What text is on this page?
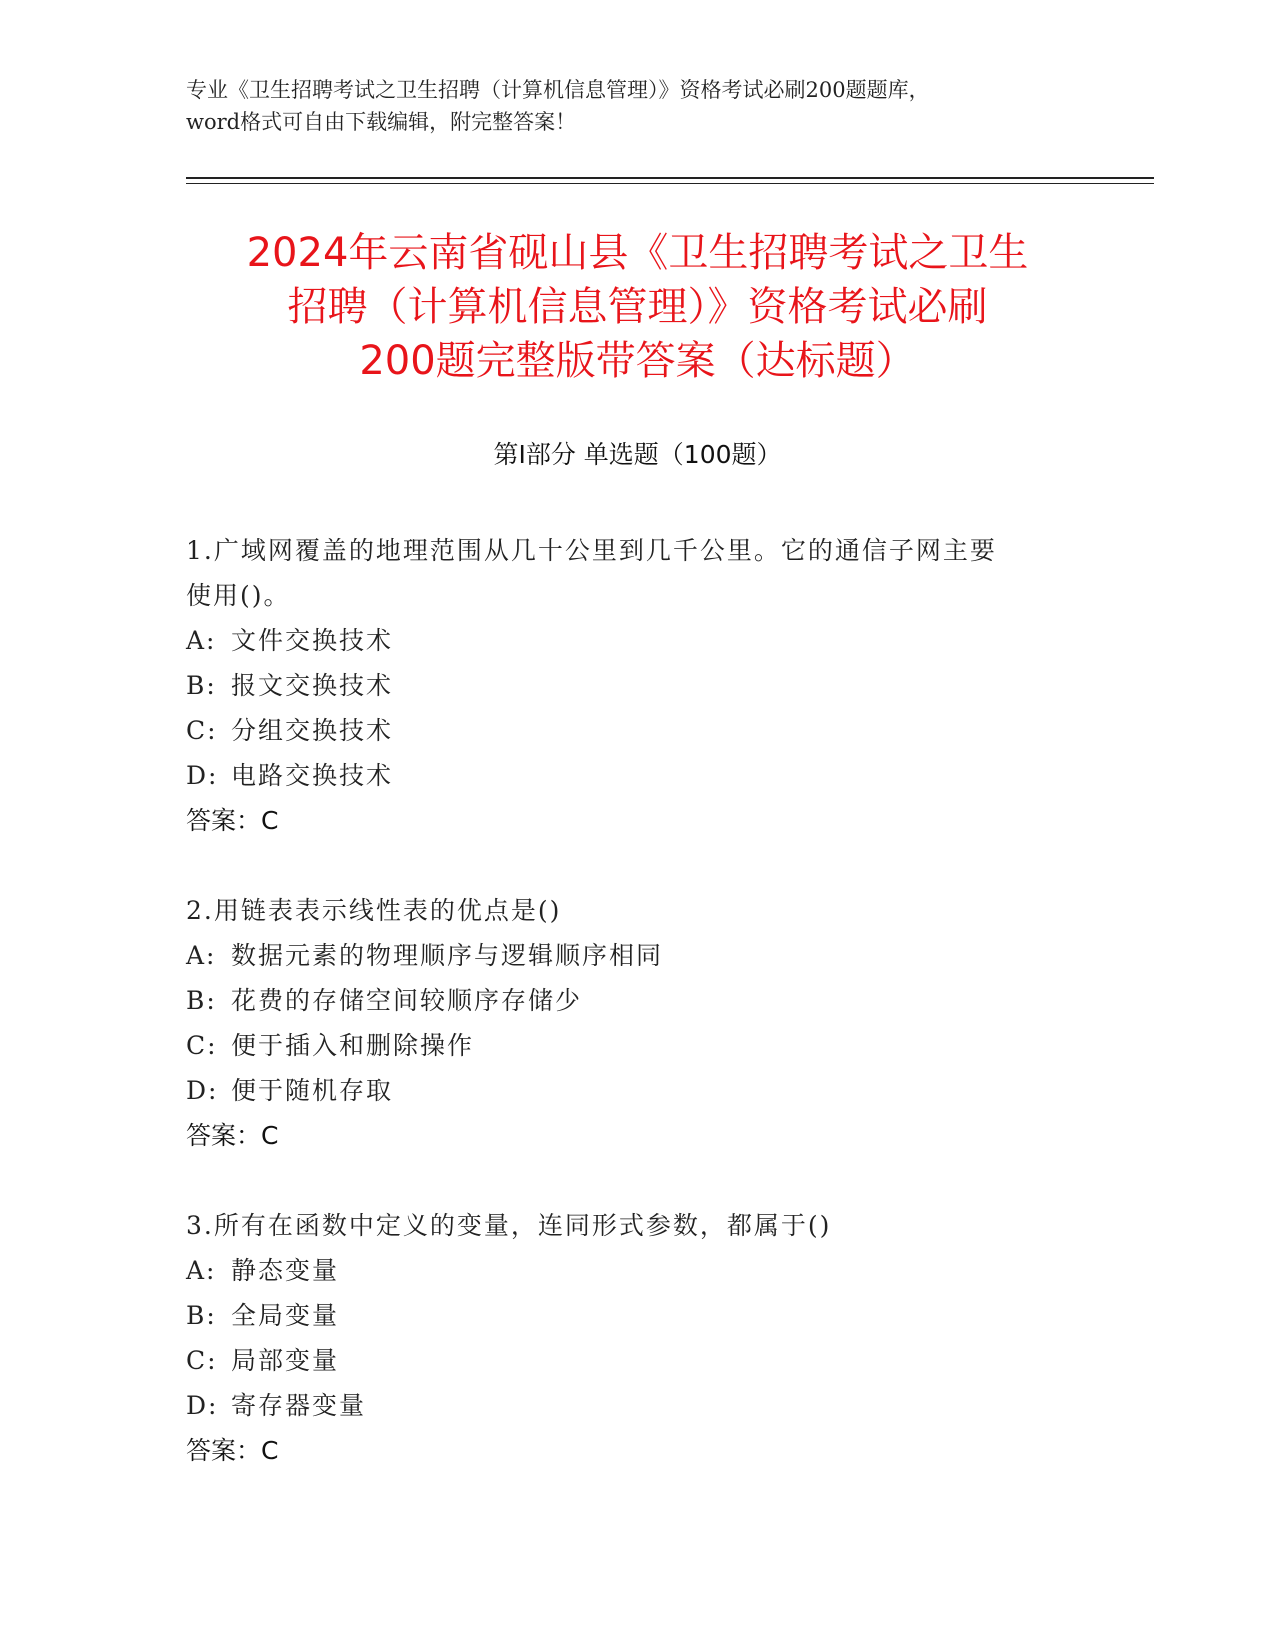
专业《卫生招聘考试之卫生招聘（计算机信息管理）》资格考试必刷200题题库，
word格式可自由下载编辑，附完整答案！
2024年云南省砚山县《卫生招聘考试之卫生
招聘（计算机信息管理）》资格考试必刷
200题完整版带答案（达标题）
第Ⅰ部分 单选题（100题）
1.广域网覆盖的地理范围从几十公里到几千公里。它的通信子网主要
使用()。
A: 文件交换技术
B: 报文交换技术
C: 分组交换技术
D: 电路交换技术
答案：C
2.用链表表示线性表的优点是()
A: 数据元素的物理顺序与逻辑顺序相同
B: 花费的存储空间较顺序存储少
C: 便于插入和删除操作
D: 便于随机存取
答案：C
3.所有在函数中定义的变量，连同形式参数，都属于()
A: 静态变量
B: 全局变量
C: 局部变量
D: 寄存器变量
答案：C
